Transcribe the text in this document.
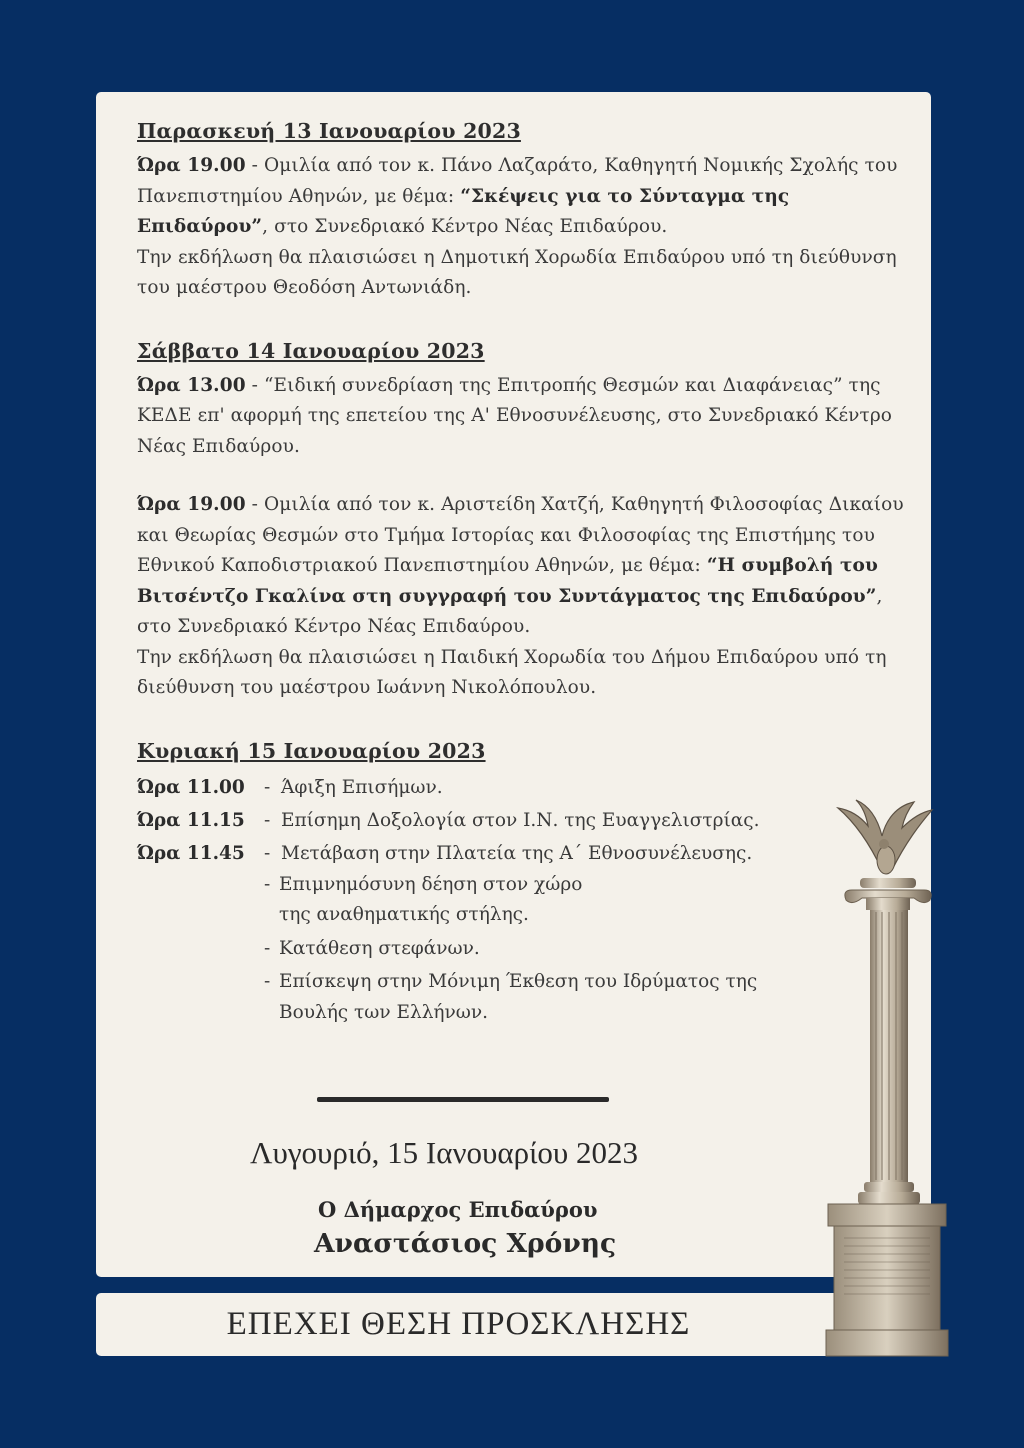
Παρασκευή 13 Ιανουαρίου 2023

Ώρα 19.00 - Ομιλία από τον κ. Πάνο Λαζαράτο, Καθηγητή Νομικής Σχολής του Πανεπιστημίου Αθηνών, με θέμα: “Σκέψεις για το Σύνταγμα της Επιδαύρου”, στο Συνεδριακό Κέντρο Νέας Επιδαύρου.

Την εκδήλωση θα πλαισιώσει η Δημοτική Χορωδία Επιδαύρου υπό τη διεύθυνση του μαέστρου Θεοδόση Αντωνιάδη.

Σάββατο 14 Ιανουαρίου 2023

Ώρα 13.00 - “Ειδική συνεδρίαση της Επιτροπής Θεσμών και Διαφάνειας” της ΚΕΔΕ επ' αφορμή της επετείου της Α' Εθνοσυνέλευσης, στο Συνεδριακό Κέντρο Νέας Επιδαύρου.

Ώρα 19.00 - Ομιλία από τον κ. Αριστείδη Χατζή, Καθηγητή Φιλοσοφίας Δικαίου και Θεωρίας Θεσμών στο Τμήμα Ιστορίας και Φιλοσοφίας της Επιστήμης του Εθνικού Καποδιστριακού Πανεπιστημίου Αθηνών, με θέμα: “Η συμβολή του Βιτσέντζο Γκαλίνα στη συγγραφή του Συντάγματος της Επιδαύρου”, στο Συνεδριακό Κέντρο Νέας Επιδαύρου.

Την εκδήλωση θα πλαισιώσει η Παιδική Χορωδία του Δήμου Επιδαύρου υπό τη διεύθυνση του μαέστρου Ιωάννη Νικολόπουλου.

Κυριακή 15 Ιανουαρίου 2023
Ώρα 11.00	- Άφιξη Επισήμων.
Ώρα 11.15	- Επίσημη Δοξολογία στον Ι.Ν. της Ευαγγελιστρίας.
Ώρα 11.45	- Μετάβαση στην Πλατεία της Α΄ Εθνοσυνέλευσης.
- Επιμνημόσυνη δέηση στον χώρο της αναθηματικής στήλης.
- Κατάθεση στεφάνων.
- Επίσκεψη στην Μόνιμη Έκθεση του Ιδρύματος της Βουλής των Ελλήνων.
Λυγουριό, 15 Ιανουαρίου 2023
Ο Δήμαρχος Επιδαύρου
Αναστάσιος Χρόνης
ΕΠΕΧΕΙ ΘΕΣΗ ΠΡΟΣΚΛΗΣΗΣ
